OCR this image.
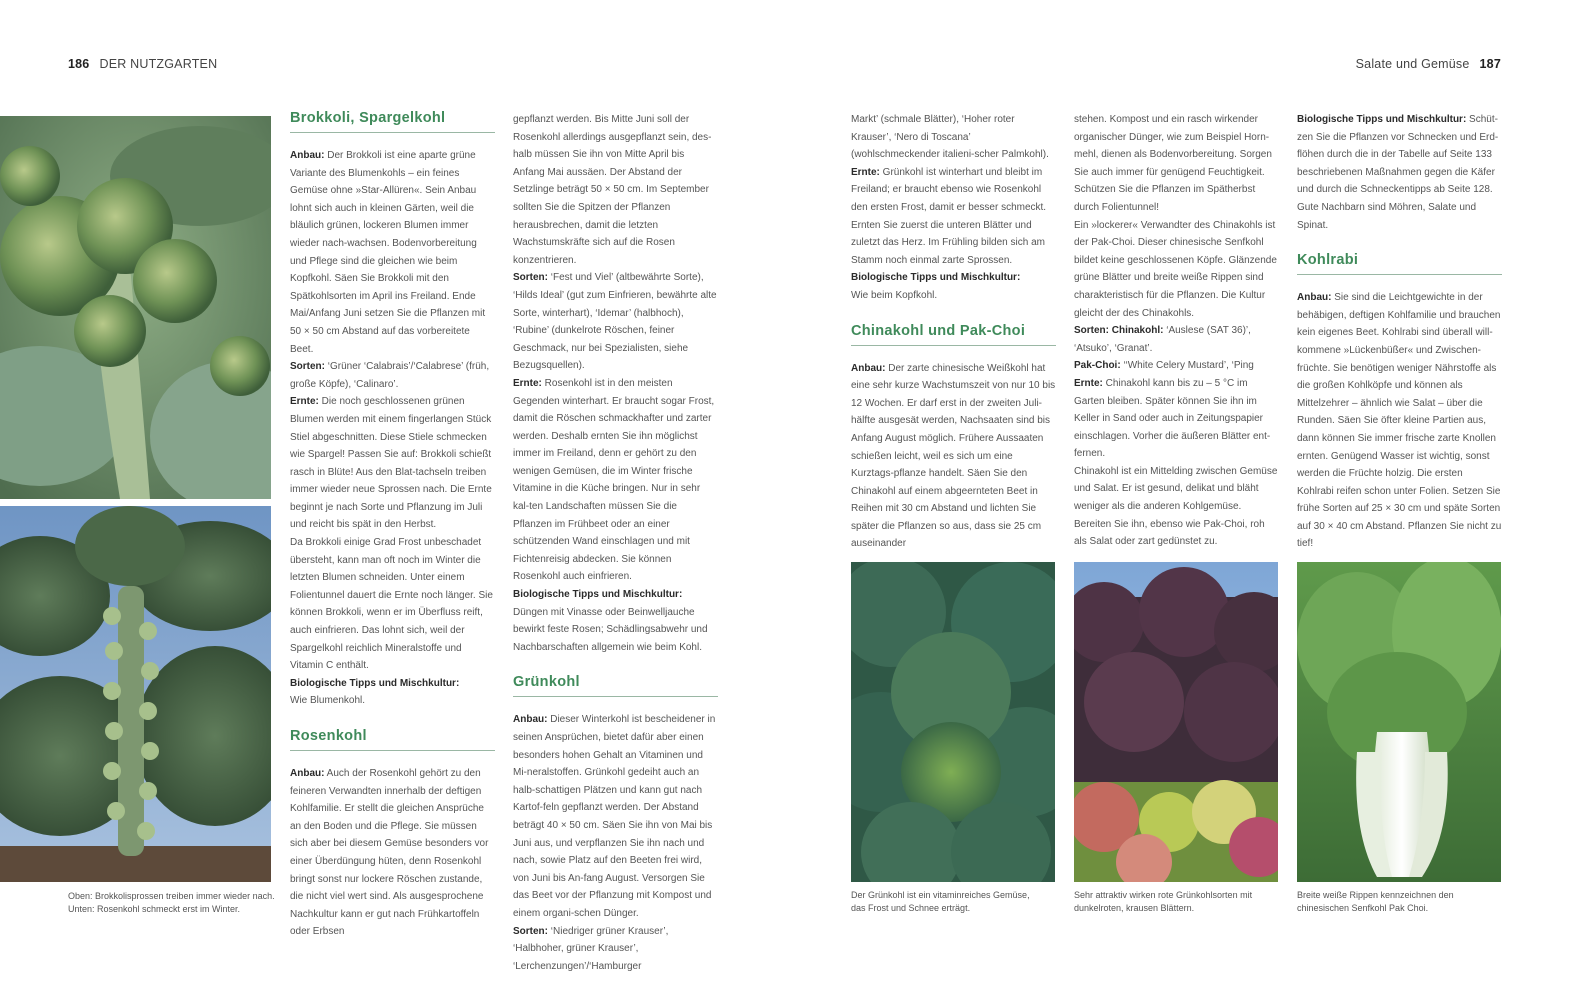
186 DER NUTZGARTEN	Salate und Gemüse 187
Oben: Brokkolisprossen treiben immer wieder nach.
Unten: Rosenkohl schmeckt erst im Winter.
Brokkoli, Spargelkohl

Anbau: Der Brokkoli ist eine aparte grüne Variante des Blumenkohls – ein feines Gemüse ohne »Star-Allüren«. Sein Anbau lohnt sich auch in kleinen Gärten, weil die bläulich grünen, lockeren Blumen immer wieder nach-wachsen. Bodenvorbereitung und Pflege sind die gleichen wie beim Kopfkohl. Säen Sie Brokkoli mit den Spätkohlsorten im April ins Freiland. Ende Mai/Anfang Juni setzen Sie die Pflanzen mit 50 × 50 cm Abstand auf das vorbereitete Beet.

Sorten: ‘Grüner ‘Calabrais’/‘Calabrese’ (früh, große Köpfe), ‘Calinaro’.

Ernte: Die noch geschlossenen grünen Blumen werden mit einem fingerlangen Stück Stiel abgeschnitten. Diese Stiele schmecken wie Spargel! Passen Sie auf: Brokkoli schießt rasch in Blüte! Aus den Blat-tachseln treiben immer wieder neue Sprossen nach. Die Ernte beginnt je nach Sorte und Pflanzung im Juli und reicht bis spät in den Herbst.

Da Brokkoli einige Grad Frost unbeschadet übersteht, kann man oft noch im Winter die letzten Blumen schneiden. Unter einem Folientunnel dauert die Ernte noch länger. Sie können Brokkoli, wenn er im Überfluss reift, auch einfrieren. Das lohnt sich, weil der Spargelkohl reichlich Mineralstoffe und Vitamin C enthält.

Biologische Tipps und Mischkultur:

Wie Blumenkohl.

Rosenkohl

Anbau: Auch der Rosenkohl gehört zu den feineren Verwandten innerhalb der deftigen Kohlfamilie. Er stellt die gleichen Ansprüche an den Boden und die Pflege. Sie müssen sich aber bei diesem Gemüse besonders vor einer Überdüngung hüten, denn Rosenkohl bringt sonst nur lockere Röschen zustande, die nicht viel wert sind. Als ausgesprochene Nachkultur kann er gut nach Frühkartoffeln oder Erbsen

gepflanzt werden. Bis Mitte Juni soll der Rosenkohl allerdings ausgepflanzt sein, des-halb müssen Sie ihn von Mitte April bis Anfang Mai aussäen. Der Abstand der Setzlinge beträgt 50 × 50 cm. Im September sollten Sie die Spitzen der Pflanzen herausbrechen, damit die letzten Wachstumskräfte sich auf die Rosen konzentrieren.

Sorten: ‘Fest und Viel’ (altbewährte Sorte), ‘Hilds Ideal’ (gut zum Einfrieren, bewährte alte Sorte, winterhart), ‘Idemar’ (halbhoch), ‘Rubine’ (dunkelrote Röschen, feiner Geschmack, nur bei Spezialisten, siehe Bezugsquellen).

Ernte: Rosenkohl ist in den meisten Gegenden winterhart. Er braucht sogar Frost, damit die Röschen schmackhafter und zarter werden. Deshalb ernten Sie ihn möglichst immer im Freiland, denn er gehört zu den wenigen Gemüsen, die im Winter frische Vitamine in die Küche bringen. Nur in sehr kal-ten Landschaften müssen Sie die Pflanzen im Frühbeet oder an einer schützenden Wand einschlagen und mit Fichtenreisig abdecken. Sie können Rosenkohl auch einfrieren.

Biologische Tipps und Mischkultur:

Düngen mit Vinasse oder Beinwelljauche bewirkt feste Rosen; Schädlingsabwehr und Nachbarschaften allgemein wie beim Kohl.

Grünkohl

Anbau: Dieser Winterkohl ist bescheidener in seinen Ansprüchen, bietet dafür aber einen besonders hohen Gehalt an Vitaminen und Mi-neralstoffen. Grünkohl gedeiht auch an halb-schattigen Plätzen und kann gut nach Kartof-feln gepflanzt werden. Der Abstand beträgt 40 × 50 cm. Säen Sie ihn von Mai bis Juni aus, und verpflanzen Sie ihn nach und nach, sowie Platz auf den Beeten frei wird, von Juni bis An-fang August. Versorgen Sie das Beet vor der Pflanzung mit Kompost und einem organi-schen Dünger.

Sorten: ‘Niedriger grüner Krauser’, ‘Halbhoher, grüner Krauser’, ‘Lerchenzungen’/‘Hamburger

Markt’ (schmale Blätter), ‘Hoher roter Krauser’, ‘Nero di Toscana’ (wohlschmeckender italieni-scher Palmkohl).

Ernte: Grünkohl ist winterhart und bleibt im Freiland; er braucht ebenso wie Rosenkohl den ersten Frost, damit er besser schmeckt. Ernten Sie zuerst die unteren Blätter und zuletzt das Herz. Im Frühling bilden sich am Stamm noch einmal zarte Sprossen.

Biologische Tipps und Mischkultur:

Wie beim Kopfkohl.

Chinakohl und Pak-Choi

Anbau: Der zarte chinesische Weißkohl hat eine sehr kurze Wachstumszeit von nur 10 bis 12 Wochen. Er darf erst in der zweiten Juli-hälfte ausgesät werden, Nachsaaten sind bis Anfang August möglich. Frühere Aussaaten schießen leicht, weil es sich um eine Kurztags-pflanze handelt. Säen Sie den Chinakohl auf einem abgeernteten Beet in Reihen mit 30 cm Abstand und lichten Sie später die Pflanzen so aus, dass sie 25 cm auseinander

stehen. Kompost und ein rasch wirkender organischer Dünger, wie zum Beispiel Horn-mehl, dienen als Bodenvorbereitung. Sorgen Sie auch immer für genügend Feuchtigkeit. Schützen Sie die Pflanzen im Spätherbst durch Folientunnel!

Ein »lockerer« Verwandter des Chinakohls ist der Pak-Choi. Dieser chinesische Senfkohl bildet keine geschlossenen Köpfe. Glänzende grüne Blätter und breite weiße Rippen sind charakteristisch für die Pflanzen. Die Kultur gleicht der des Chinakohls.

Sorten: Chinakohl: ‘Auslese (SAT 36)’, ‘Atsuko’, ‘Granat’.

Pak-Choi: ‘‘White Celery Mustard’, ‘Ping

Ernte: Chinakohl kann bis zu – 5 °C im Garten bleiben. Später können Sie ihn im Keller in Sand oder auch in Zeitungspapier einschlagen. Vorher die äußeren Blätter ent-fernen.

Chinakohl ist ein Mittelding zwischen Gemüse und Salat. Er ist gesund, delikat und bläht weniger als die anderen Kohlgemüse. Bereiten Sie ihn, ebenso wie Pak-Choi, roh als Salat oder zart gedünstet zu.

Biologische Tipps und Mischkultur: Schüt-zen Sie die Pflanzen vor Schnecken und Erd-flöhen durch die in der Tabelle auf Seite 133 beschriebenen Maßnahmen gegen die Käfer und durch die Schneckentipps ab Seite 128. Gute Nachbarn sind Möhren, Salate und Spinat.

Kohlrabi

Anbau: Sie sind die Leichtgewichte in der behäbigen, deftigen Kohlfamilie und brauchen kein eigenes Beet. Kohlrabi sind überall will-kommene »Lückenbüßer« und Zwischen-früchte. Sie benötigen weniger Nährstoffe als die großen Kohlköpfe und können als Mittelzehrer – ähnlich wie Salat – über die Runden. Säen Sie öfter kleine Partien aus, dann können Sie immer frische zarte Knollen ernten. Genügend Wasser ist wichtig, sonst werden die Früchte holzig. Die ersten Kohlrabi reifen schon unter Folien. Setzen Sie frühe Sorten auf 25 × 30 cm und späte Sorten auf 30 × 40 cm Abstand. Pflanzen Sie nicht zu tief!

Der Grünkohl ist ein vitaminreiches Gemüse,
das Frost und Schnee erträgt.
Sehr attraktiv wirken rote Grünkohlsorten mit
dunkelroten, krausen Blättern.
Breite weiße Rippen kennzeichnen den
chinesischen Senfkohl Pak Choi.
